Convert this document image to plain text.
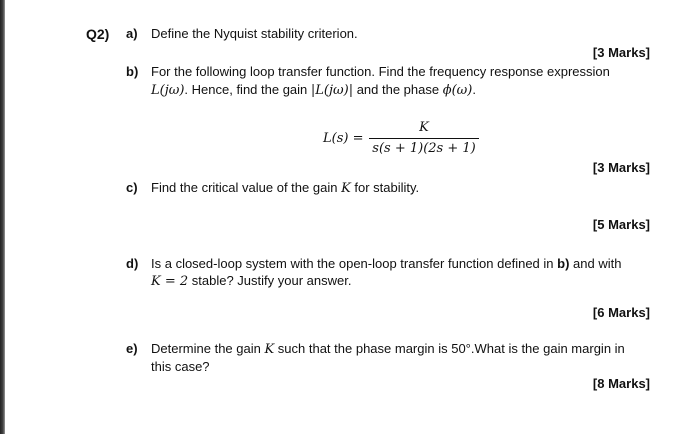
Q2) a) Define the Nyquist stability criterion.
[3 Marks]
b) For the following loop transfer function. Find the frequency response expression
L(jω). Hence, find the gain |L(jω)| and the phase ϕ(ω).
L(s) =
K
s(s + 1)(2s + 1)
[3 Marks]
c) Find the critical value of the gain K for stability.
[5 Marks]
d) Is a closed-loop system with the open-loop transfer function defined in b) and with
K = 2 stable? Justify your answer.
[6 Marks]
e) Determine the gain K such that the phase margin is 50°.What is the gain margin in
this case?
[8 Marks]
